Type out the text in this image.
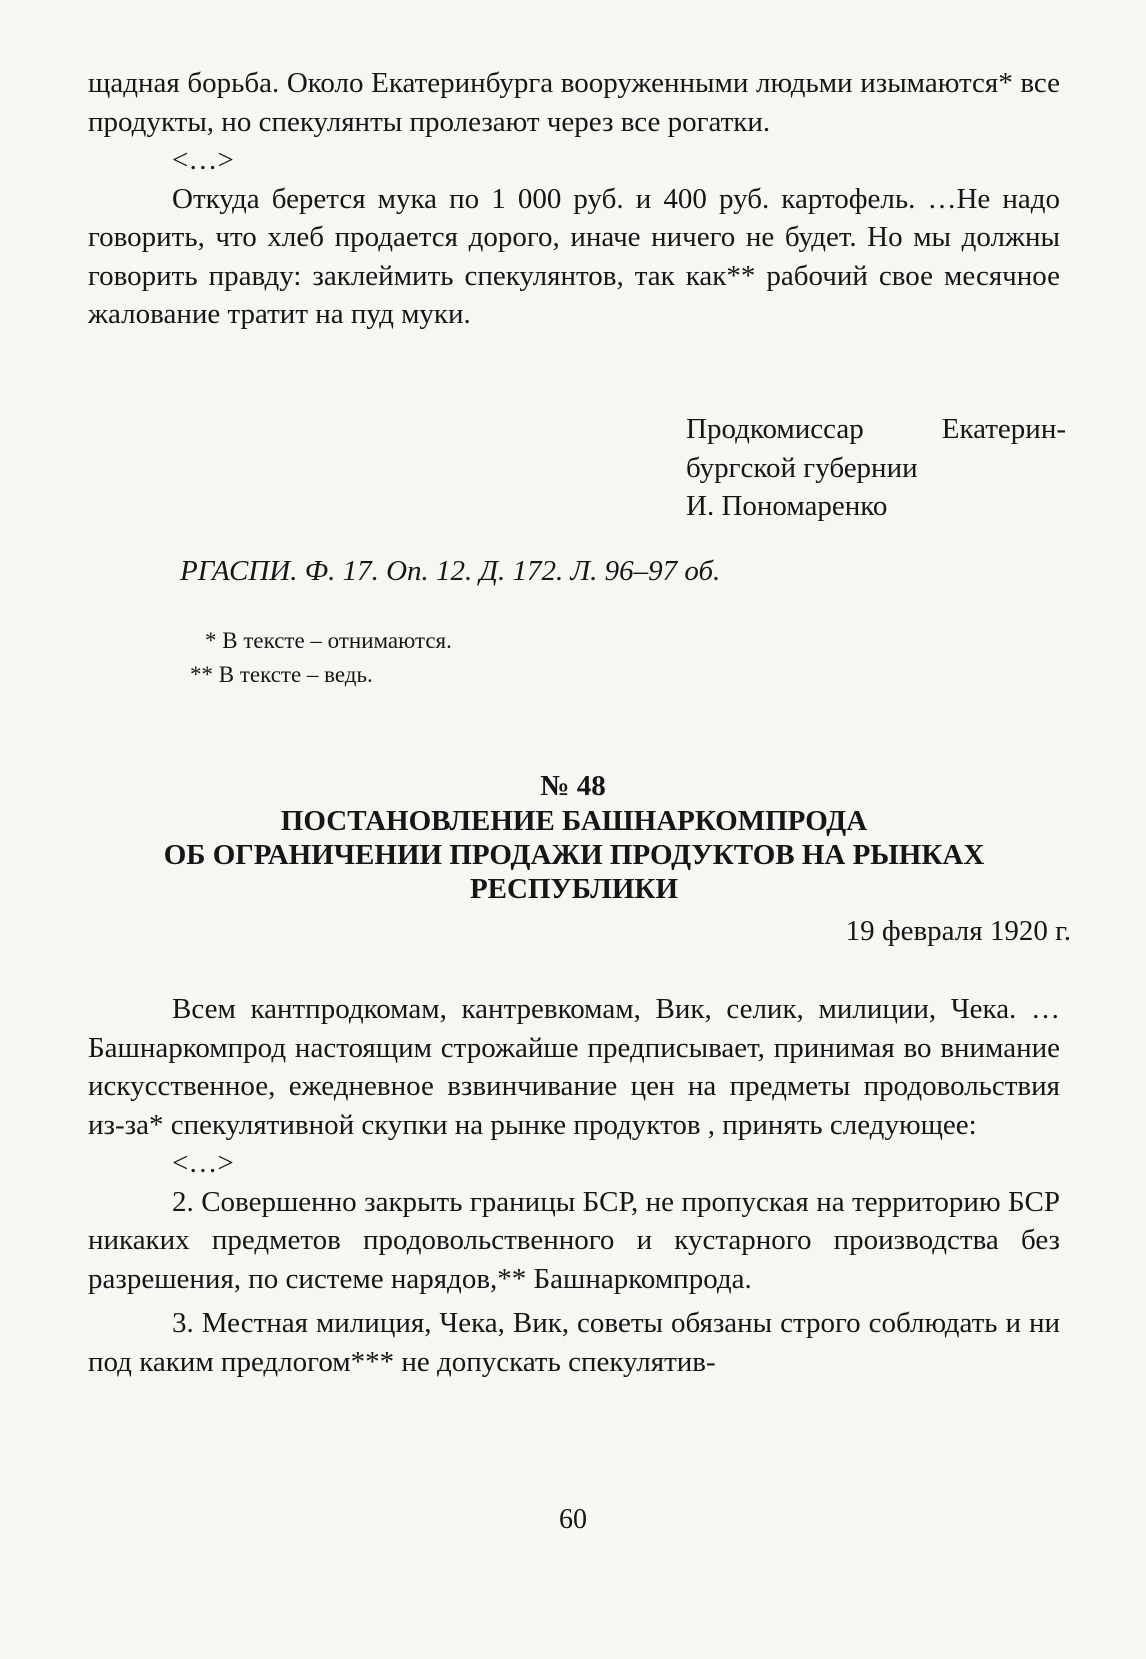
щадная борьба. Около Екатеринбурга вооруженными людьми изымаются* все продукты, но спекулянты пролезают через все рогатки.

<…>

Откуда берется мука по 1 000 руб. и 400 руб. картофель. …Не надо говорить, что хлеб продается дорого, иначе ничего не будет. Но мы должны говорить правду: заклеймить спекулянтов, так как** рабочий свое месячное жалование тратит на пуд муки.

Продкомиссар Екатерин-

бургской губернии

И. Пономаренко

РГАСПИ. Ф. 17. Оп. 12. Д. 172. Л. 96–97 об.

* В тексте – отнимаются.

** В тексте – ведь.

№ 48

ПОСТАНОВЛЕНИЕ БАШНАРКОМПРОДА

ОБ ОГРАНИЧЕНИИ ПРОДАЖИ ПРОДУКТОВ НА РЫНКАХ

РЕСПУБЛИКИ

19 февраля 1920 г.

Всем кантпродкомам, кантревкомам, Вик, селик, милиции, Чека. …Башнаркомпрод настоящим строжайше предписывает, принимая во внимание искусственное, ежедневное взвинчивание цен на предметы продовольствия из-за* спекулятивной скупки на рынке продуктов , принять следующее:

<…>

2. Совершенно закрыть границы БСР, не пропуская на территорию БСР никаких предметов продовольственного и кустарного производства без разрешения, по системе нарядов,** Башнаркомпрода.

3. Местная милиция, Чека, Вик, советы обязаны строго соблюдать и ни под каким предлогом*** не допускать спекулятив-

60
